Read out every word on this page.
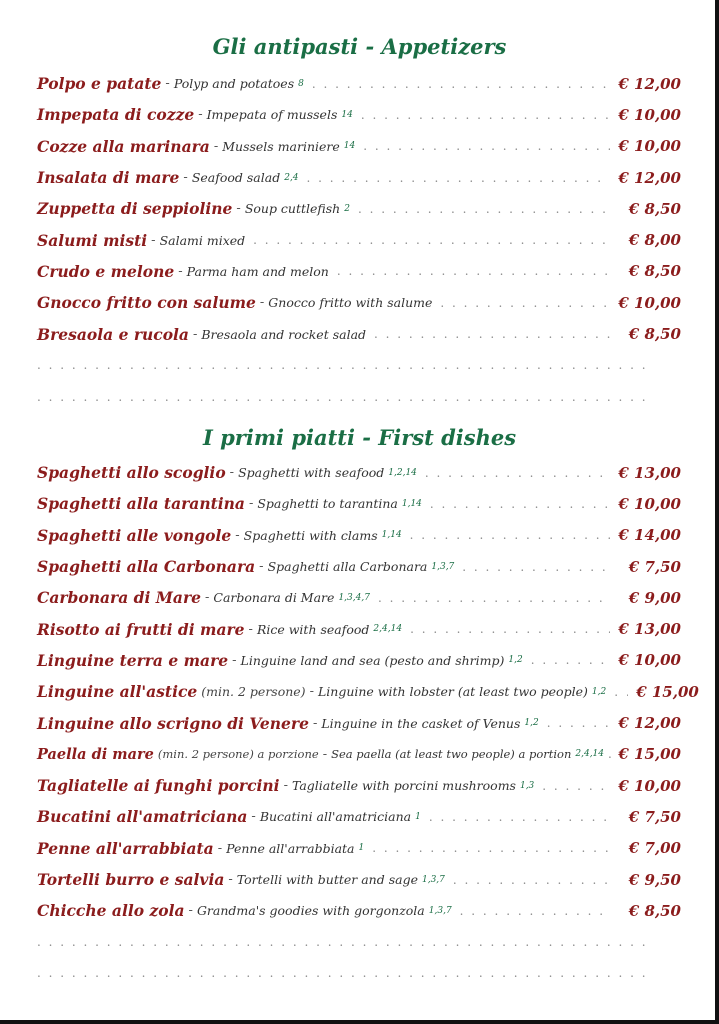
Gli antipasti - Appetizers
Polpo e patate - Polyp and potatoes 8 . . .	€ 12,00
Impepata di cozze - Impepata of mussels 14 . . .	€ 10,00
Cozze alla marinara - Mussels mariniere 14 . . .	€ 10,00
Insalata di mare - Seafood salad 2,4 . . .	€ 12,00
Zuppetta di seppioline - Soup cuttlefish 2 . . .	€ 8,50
Salumi misti - Salami mixed . . .	€ 8,00
Crudo e melone - Parma ham and melon . . .	€ 8,50
Gnocco fritto con salume - Gnocco fritto with salume . . .	€ 10,00
Bresaola e rucola - Bresaola and rocket salad . . .	€ 8,50
. . .
. . .
I primi piatti - First dishes
Spaghetti allo scoglio - Spaghetti with seafood 1,2,14 . . .	€ 13,00
Spaghetti alla tarantina - Spaghetti to tarantina 1,14 . . .	€ 10,00
Spaghetti alle vongole - Spaghetti with clams 1,14 . . .	€ 14,00
Spaghetti alla Carbonara - Spaghetti alla Carbonara 1,3,7 . . .	€ 7,50
Carbonara di Mare - Carbonara di Mare 1,3,4,7 . . .	€ 9,00
Risotto ai frutti di mare - Rice with seafood 2,4,14 . . .	€ 13,00
Linguine terra e mare - Linguine land and sea (pesto and shrimp) 1,2 . . .	€ 10,00
Linguine all'astice (min. 2 persone) - Linguine with lobster (at least two people) 1,2 . . . € 15,00
Linguine allo scrigno di Venere - Linguine in the casket of Venus 1,2 . . .	€ 12,00
Paella di mare (min. 2 persone) a porzione - Sea paella (at least two people) a portion 2,4,14 . . . € 15,00
Tagliatelle ai funghi porcini - Tagliatelle with porcini mushrooms 1,3 . . .	€ 10,00
Bucatini all'amatriciana - Bucatini all'amatriciana 1 . . .	€ 7,50
Penne all'arrabbiata - Penne all'arrabbiata 1 . . .	€ 7,00
Tortelli burro e salvia - Tortelli with butter and sage 1,3,7 . . .	€ 9,50
Chicche allo zola - Grandma's goodies with gorgonzola 1,3,7 . . .	€ 8,50
. . .
. . .
